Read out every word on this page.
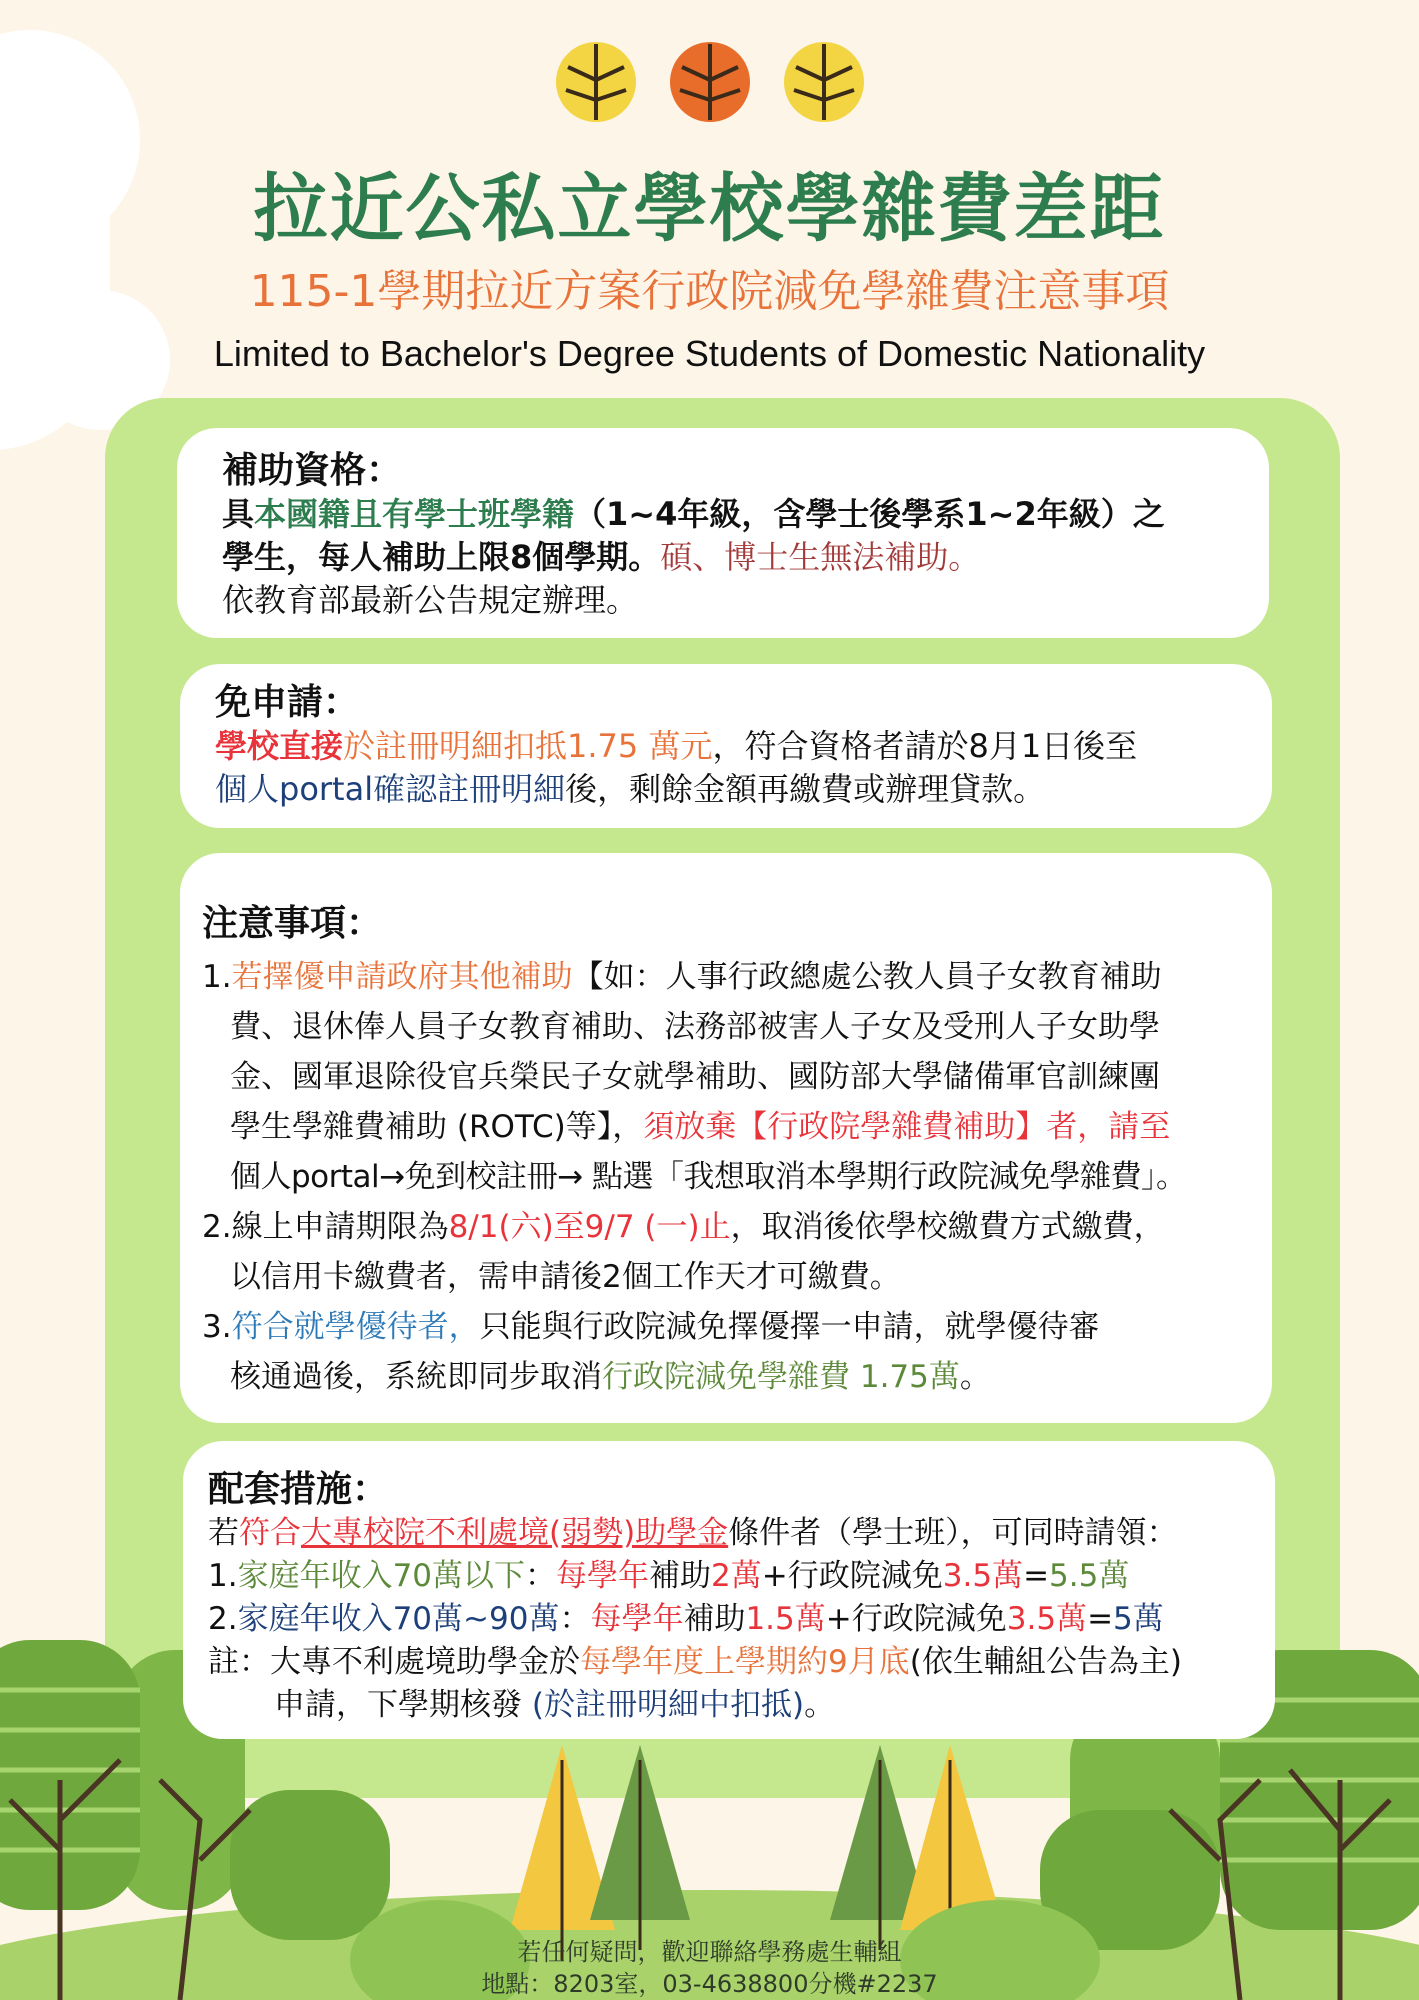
拉近公私立學校學雜費差距
115-1學期拉近方案行政院減免學雜費注意事項
Limited to Bachelor's Degree Students of Domestic Nationality
補助資格：

具本國籍且有學士班學籍（1~4年級，含學士後學系1~2年級）之

學生，每人補助上限8個學期。碩、博士生無法補助。

依教育部最新公告規定辦理。

免申請：

學校直接於註冊明細扣抵1.75 萬元，符合資格者請於8月1日後至

個人portal確認註冊明細後，剩餘金額再繳費或辦理貸款。

注意事項：

1.若擇優申請政府其他補助【如：人事行政總處公教人員子女教育補助

費、退休俸人員子女教育補助、法務部被害人子女及受刑人子女助學

金、國軍退除役官兵榮民子女就學補助、國防部大學儲備軍官訓練團

學生學雜費補助 (ROTC)等】，須放棄【行政院學雜費補助】者，請至

個人portal→免到校註冊→ 點選「我想取消本學期行政院減免學雜費」。

2.線上申請期限為8/1(六)至9/7 (一)止，取消後依學校繳費方式繳費，

以信用卡繳費者，需申請後2個工作天才可繳費。

3.符合就學優待者，只能與行政院減免擇優擇一申請，就學優待審

核通過後，系統即同步取消行政院減免學雜費 1.75萬。

配套措施：

若符合大專校院不利處境(弱勢)助學金條件者（學士班），可同時請領：

1.家庭年收入70萬以下：每學年補助2萬+行政院減免3.5萬=5.5萬

2.家庭年收入70萬~90萬：每學年補助1.5萬+行政院減免3.5萬=5萬

註：大專不利處境助學金於每學年度上學期約9月底(依生輔組公告為主)

申請，下學期核發 (於註冊明細中扣抵)。

若任何疑問，歡迎聯絡學務處生輔組

地點：8203室，03-4638800分機#2237
